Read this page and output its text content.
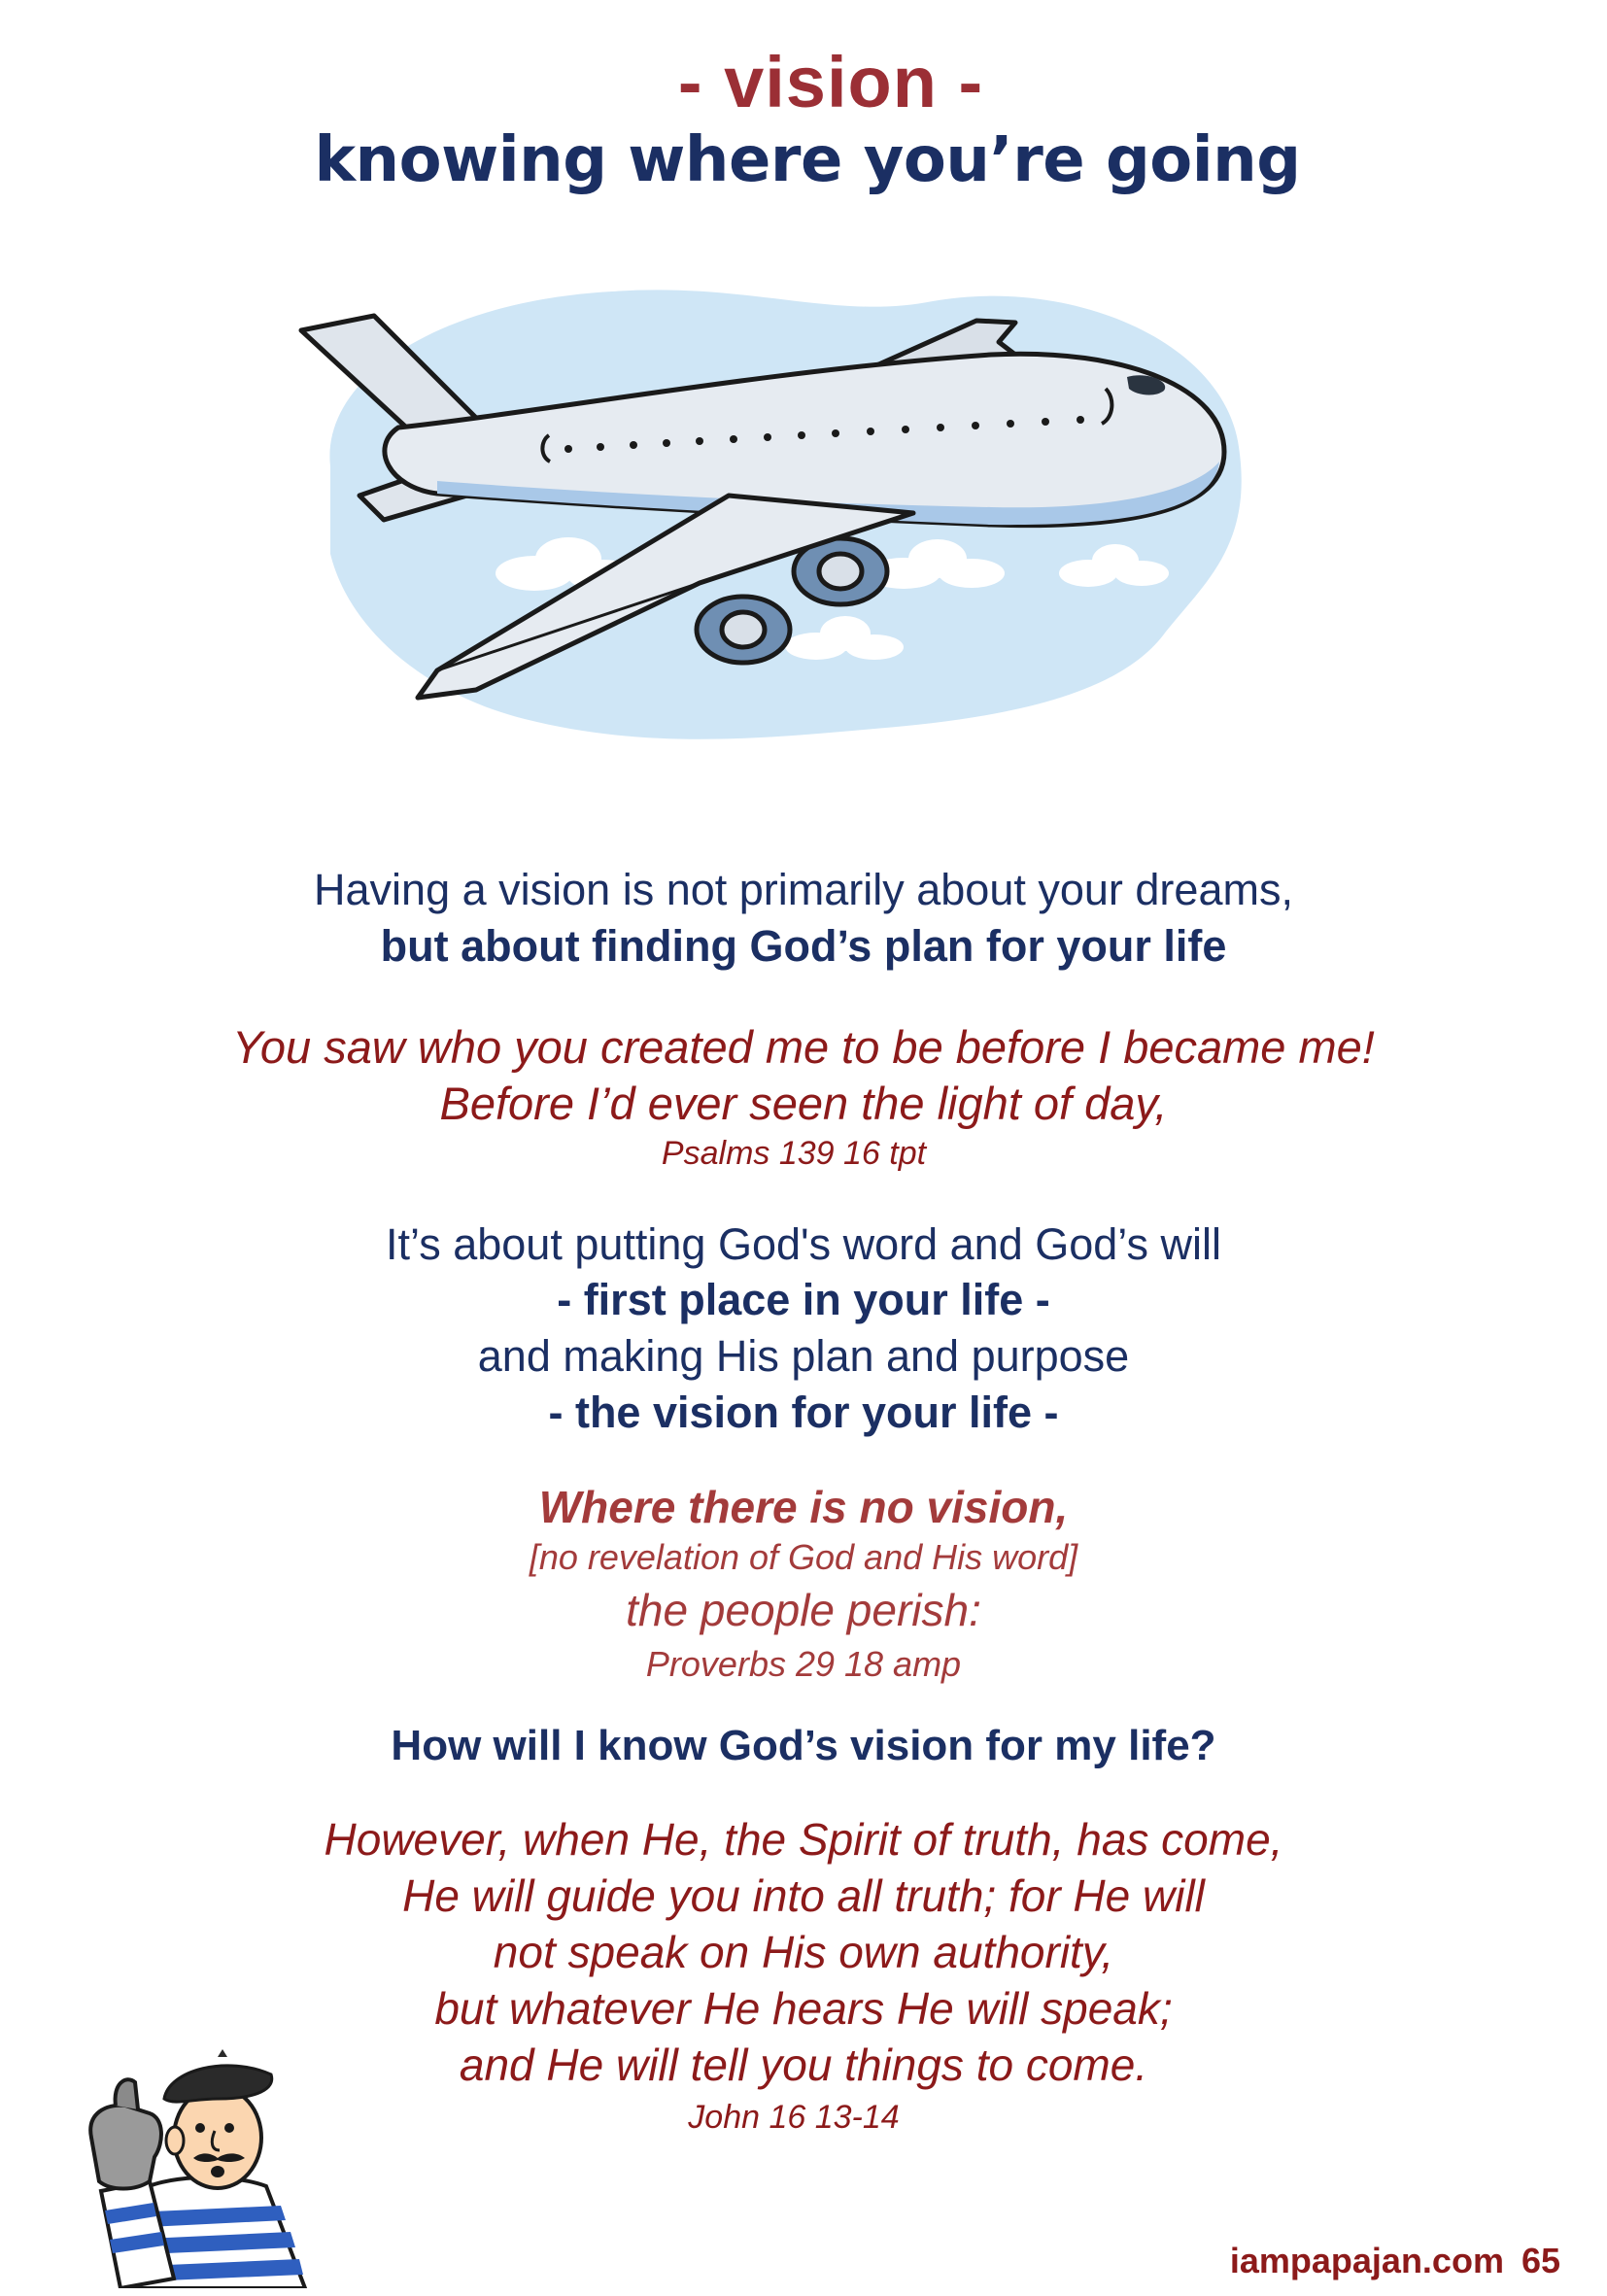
- vision -
knowing where you’re going
Having a vision is not primarily about your dreams,
but about finding God’s plan for your life
You saw who you created me to be before I became me!
Before I’d ever seen the light of day,
Psalms 139 16 tpt
It’s about putting God's word and God’s will
- first place in your life -
and making His plan and purpose
- the vision for your life -
Where there is no vision,
[no revelation of God and His word]
the people perish:
Proverbs 29 18 amp
How will I know God’s vision for my life?
However, when He, the Spirit of truth, has come,
He will guide you into all truth; for He will
not speak on His own authority,
but whatever He hears He will speak;
and He will tell you things to come.
John 16 13-14
iampapajan.com 65
